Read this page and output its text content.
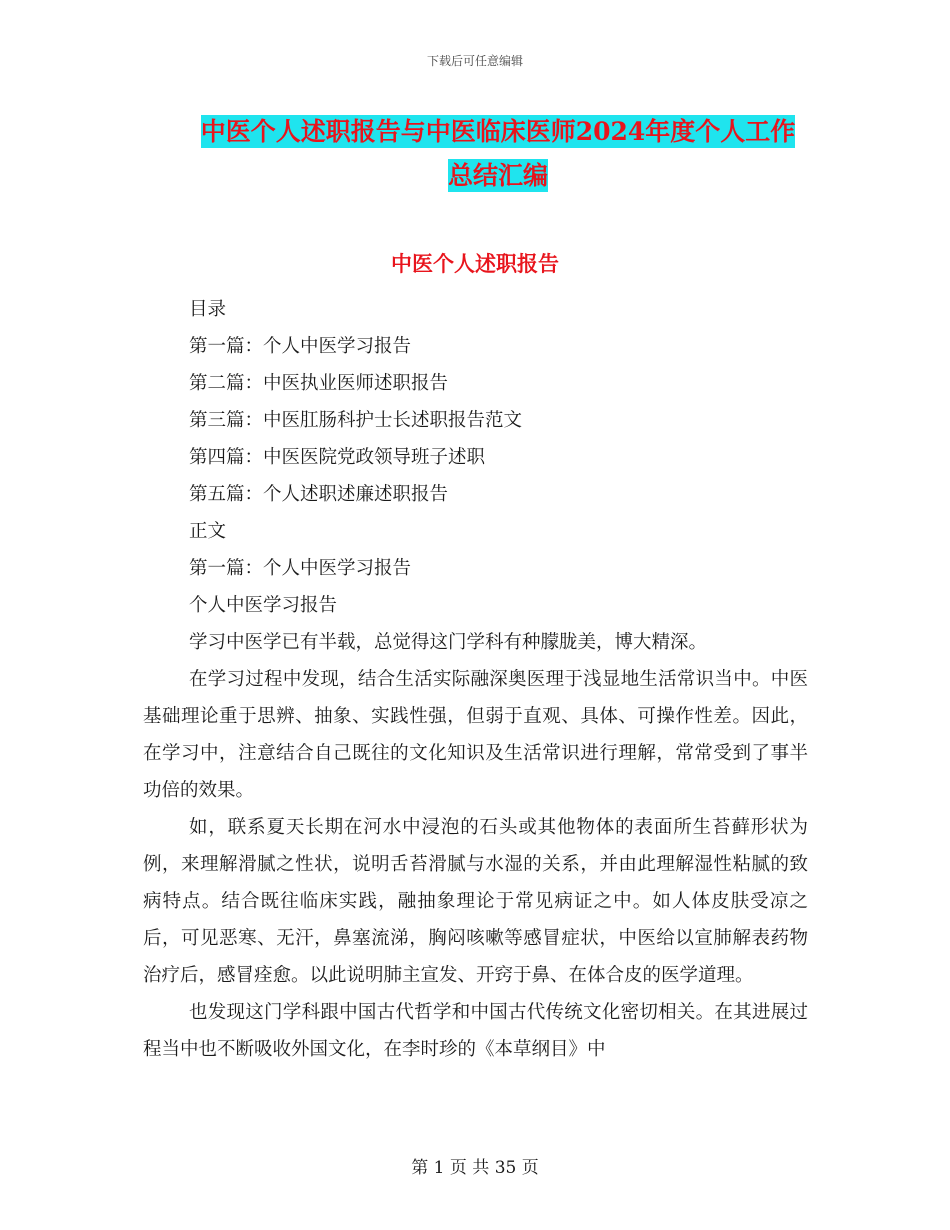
下载后可任意编辑
中医个人述职报告与中医临床医师2024年度个人工作
总结汇编
中医个人述职报告
目录
第一篇：个人中医学习报告
第二篇：中医执业医师述职报告
第三篇：中医肛肠科护士长述职报告范文
第四篇：中医医院党政领导班子述职
第五篇：个人述职述廉述职报告
正文
第一篇：个人中医学习报告
个人中医学习报告

学习中医学已有半载，总觉得这门学科有种朦胧美，博大精深。

在学习过程中发现，结合生活实际融深奥医理于浅显地生活常识当中。中医基础理论重于思辨、抽象、实践性强，但弱于直观、具体、可操作性差。因此，在学习中，注意结合自己既往的文化知识及生活常识进行理解，常常受到了事半功倍的效果。

如，联系夏天长期在河水中浸泡的石头或其他物体的表面所生苔藓形状为例，来理解滑腻之性状，说明舌苔滑腻与水湿的关系，并由此理解湿性粘腻的致病特点。结合既往临床实践，融抽象理论于常见病证之中。如人体皮肤受凉之后，可见恶寒、无汗，鼻塞流涕，胸闷咳嗽等感冒症状，中医给以宣肺解表药物治疗后，感冒痊愈。以此说明肺主宣发、开窍于鼻、在体合皮的医学道理。

也发现这门学科跟中国古代哲学和中国古代传统文化密切相关。在其进展过程当中也不断吸收外国文化，在李时珍的《本草纲目》中

第 1 页 共 35 页
